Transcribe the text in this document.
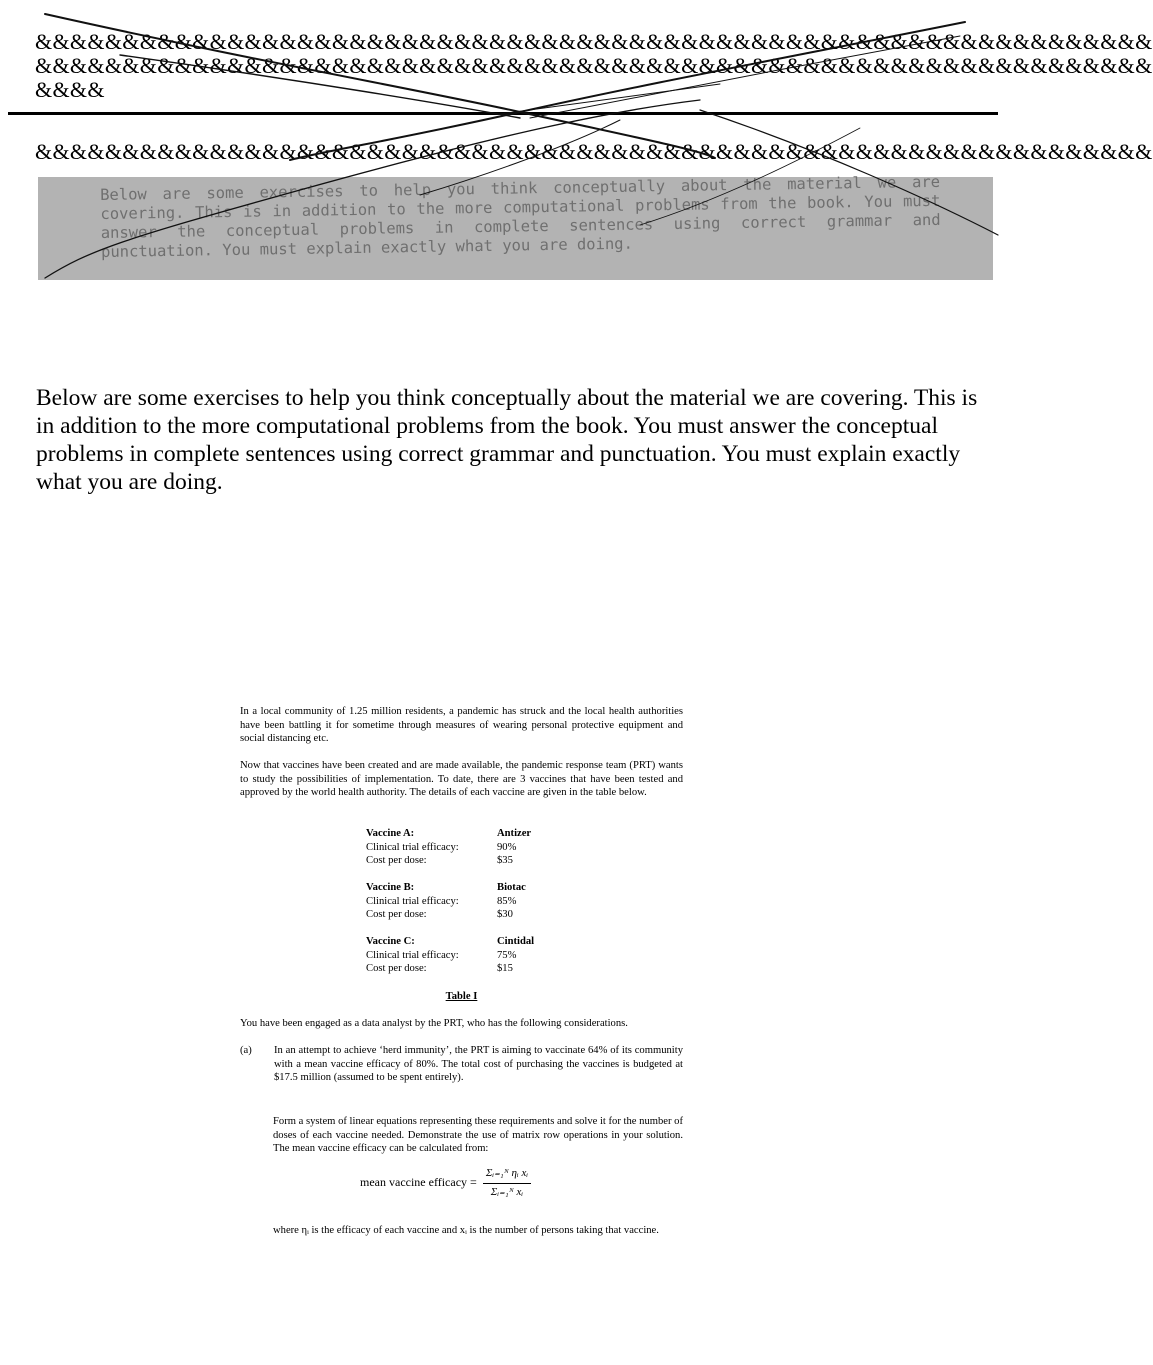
&&&&&&&&&&&&&&&&&&&&&&&&&&&&&&&&&&&&&&&&&&&&&&&&&&&&&&&&&&&&&&&&
&&&&&&&&&&&&&&&&&&&&&&&&&&&&&&&&&&&&&&&&&&&&&&&&&&&&&&&&&&&&&&&&
&&&&
&&&&&&&&&&&&&&&&&&&&&&&&&&&&&&&&&&&&&&&&&&&&&&&&&&&&&&&&&&&&&&&&

Below are some exercises to help you think conceptually about the material we are covering. This is in addition to the more computational problems from the book. You must answer the conceptual problems in complete sentences using correct grammar and punctuation. You must explain exactly what you are doing.

Below are some exercises to help you think conceptually about the material we are covering. This is in addition to the more computational problems from the book. You must answer the conceptual problems in complete sentences using correct grammar and punctuation. You must explain exactly what you are doing.

In a local community of 1.25 million residents, a pandemic has struck and the local health authorities have been battling it for sometime through measures of wearing personal protective equipment and social distancing etc.

Now that vaccines have been created and are made available, the pandemic response team (PRT) wants to study the possibilities of implementation. To date, there are 3 vaccines that have been tested and approved by the world health authority. The details of each vaccine are given in the table below.

Vaccine A:	Antizer
Clinical trial efficacy:	90%
Cost per dose:	$35
Vaccine B:	Biotac
Clinical trial efficacy:	85%
Cost per dose:	$30
Vaccine C:	Cintidal
Clinical trial efficacy:	75%
Cost per dose:	$15
Table I

You have been engaged as a data analyst by the PRT, who has the following considerations.

(a)	In an attempt to achieve ‘herd immunity’, the PRT is aiming to vaccinate 64% of its community with a mean vaccine efficacy of 80%. The total cost of purchasing the vaccines is budgeted at $17.5 million (assumed to be spent entirely).

Form a system of linear equations representing these requirements and solve it for the number of doses of each vaccine needed. Demonstrate the use of matrix row operations in your solution. The mean vaccine efficacy can be calculated from:

mean vaccine efficacy = $\frac{\text{Σᵢ₌₁ᴺ ηᵢ xᵢ}}{\text{Σᵢ₌₁ᴺ xᵢ}}$

where ηᵢ is the efficacy of each vaccine and xᵢ is the number of persons taking that vaccine.
